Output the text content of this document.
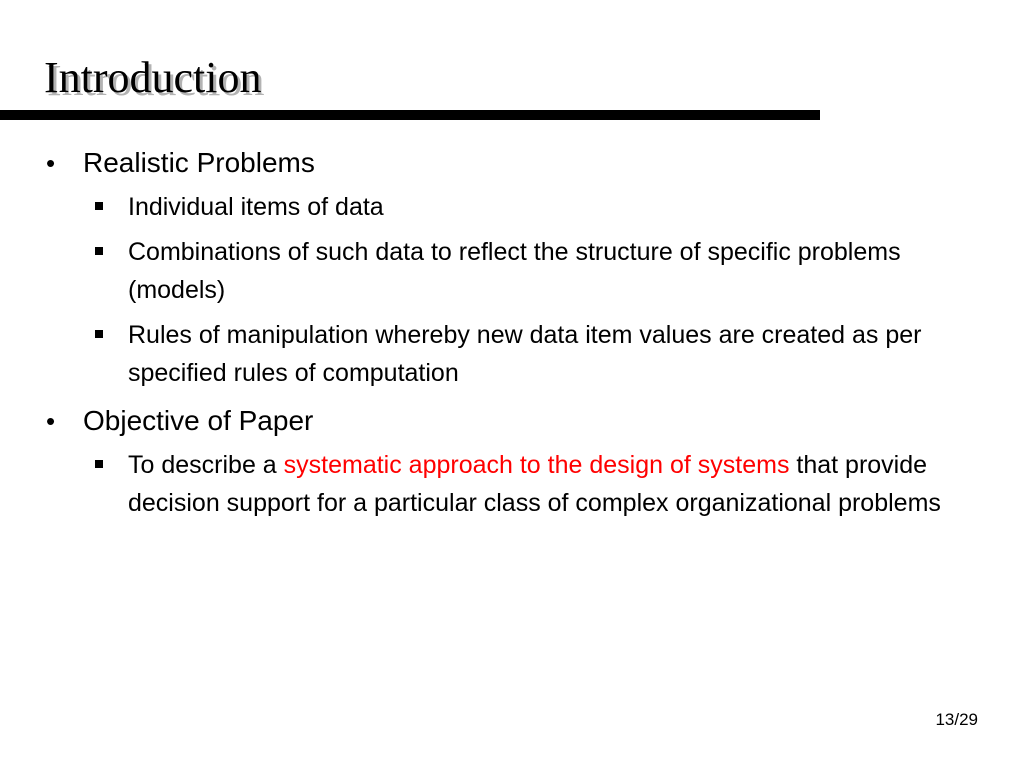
Introduction
• Realistic Problems
Individual items of data
Combinations of such data to reflect the structure of specific problems (models)
Rules of manipulation whereby new data item values are created as per specified rules of computation
• Objective of Paper
To describe a systematic approach to the design of systems that provide decision support for a particular class of complex organizational problems
13/29
